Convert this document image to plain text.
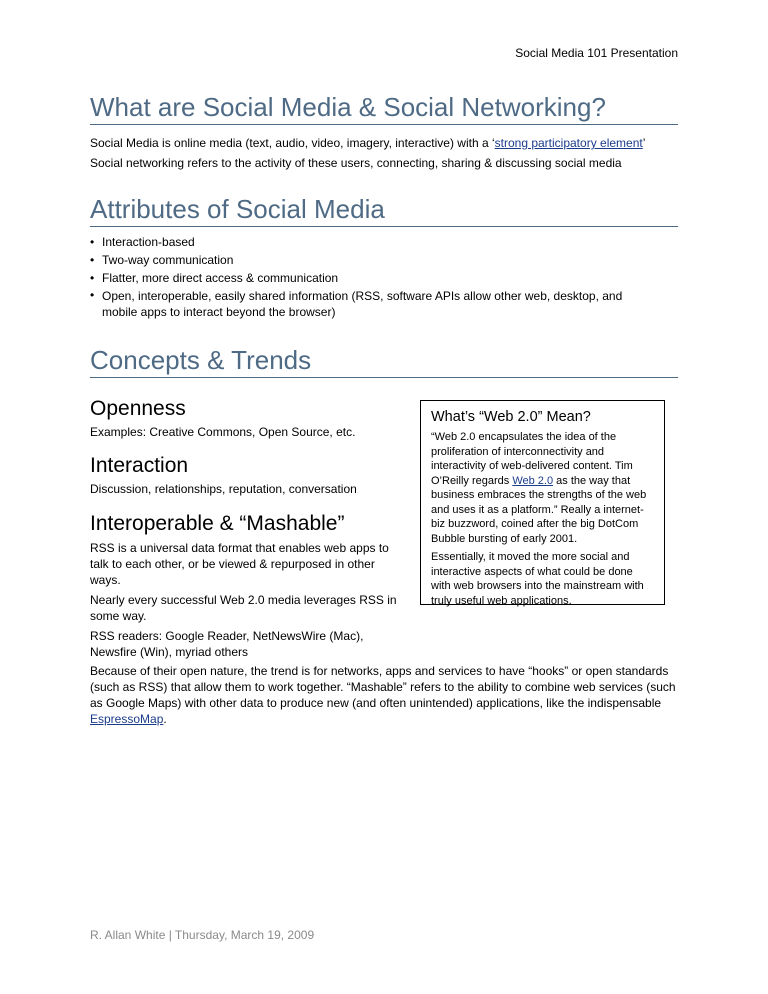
Social Media 101 Presentation
What are Social Media & Social Networking?
Social Media is online media (text, audio, video, imagery, interactive) with a ‘strong participatory element’
Social networking refers to the activity of these users, connecting, sharing & discussing social media
Attributes of Social Media
• Interaction-based
• Two-way communication
• Flatter, more direct access & communication
• Open, interoperable, easily shared information (RSS, software APIs allow other web, desktop, and mobile apps to interact beyond the browser)
Concepts & Trends
Openness
Examples: Creative Commons, Open Source, etc.
Interaction
Discussion, relationships, reputation, conversation
Interoperable & “Mashable”
RSS is a universal data format that enables web apps to talk to each other, or be viewed & repurposed in other ways.
Nearly every successful Web 2.0 media leverages RSS in some way.
RSS readers: Google Reader, NetNewsWire (Mac), Newsfire (Win), myriad others
Because of their open nature, the trend is for networks, apps and services to have “hooks” or open standards (such as RSS) that allow them to work together. “Mashable” refers to the ability to combine web services (such as Google Maps) with other data to produce new (and often unintended) applications, like the indispensable EspressoMap.
What’s “Web 2.0” Mean?

“Web 2.0 encapsulates the idea of the proliferation of interconnectivity and interactivity of web-delivered content. Tim O’Reilly regards Web 2.0 as the way that business embraces the strengths of the web and uses it as a platform.” Really a internet-biz buzzword, coined after the big DotCom Bubble bursting of early 2001.

Essentially, it moved the more social and interactive aspects of what could be done with web browsers into the mainstream with truly useful web applications.

R. Allan White | Thursday, March 19, 2009
